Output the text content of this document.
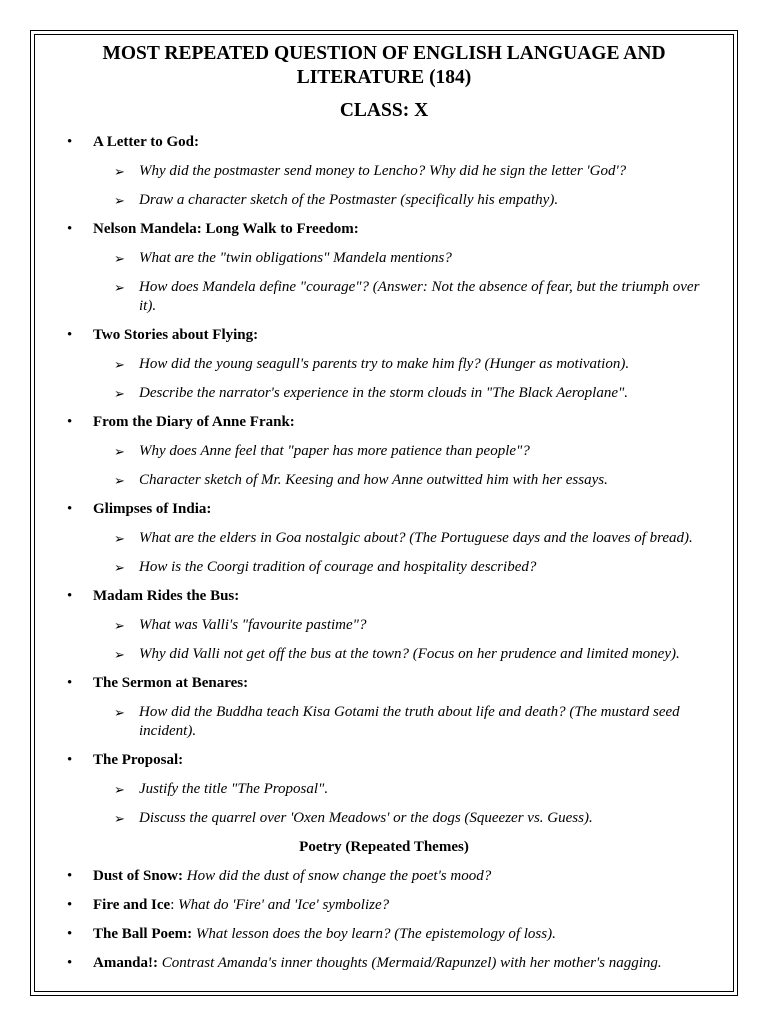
MOST REPEATED QUESTION OF ENGLISH LANGUAGE AND LITERATURE (184)
CLASS: X
• A Letter to God:
➢ Why did the postmaster send money to Lencho? Why did he sign the letter 'God'?
➢ Draw a character sketch of the Postmaster (specifically his empathy).
• Nelson Mandela: Long Walk to Freedom:
➢ What are the "twin obligations" Mandela mentions?
➢ How does Mandela define "courage"? (Answer: Not the absence of fear, but the triumph over it).
• Two Stories about Flying:
➢ How did the young seagull's parents try to make him fly? (Hunger as motivation).
➢ Describe the narrator's experience in the storm clouds in "The Black Aeroplane".
• From the Diary of Anne Frank:
➢ Why does Anne feel that "paper has more patience than people"?
➢ Character sketch of Mr. Keesing and how Anne outwitted him with her essays.
• Glimpses of India:
➢ What are the elders in Goa nostalgic about? (The Portuguese days and the loaves of bread).
➢ How is the Coorgi tradition of courage and hospitality described?
• Madam Rides the Bus:
➢ What was Valli's "favourite pastime"?
➢ Why did Valli not get off the bus at the town? (Focus on her prudence and limited money).
• The Sermon at Benares:
➢ How did the Buddha teach Kisa Gotami the truth about life and death? (The mustard seed incident).
• The Proposal:
➢ Justify the title "The Proposal".
➢ Discuss the quarrel over 'Oxen Meadows' or the dogs (Squeezer vs. Guess).
Poetry (Repeated Themes)
• Dust of Snow: How did the dust of snow change the poet's mood?
• Fire and Ice: What do 'Fire' and 'Ice' symbolize?
• The Ball Poem: What lesson does the boy learn? (The epistemology of loss).
• Amanda!: Contrast Amanda's inner thoughts (Mermaid/Rapunzel) with her mother's nagging.
